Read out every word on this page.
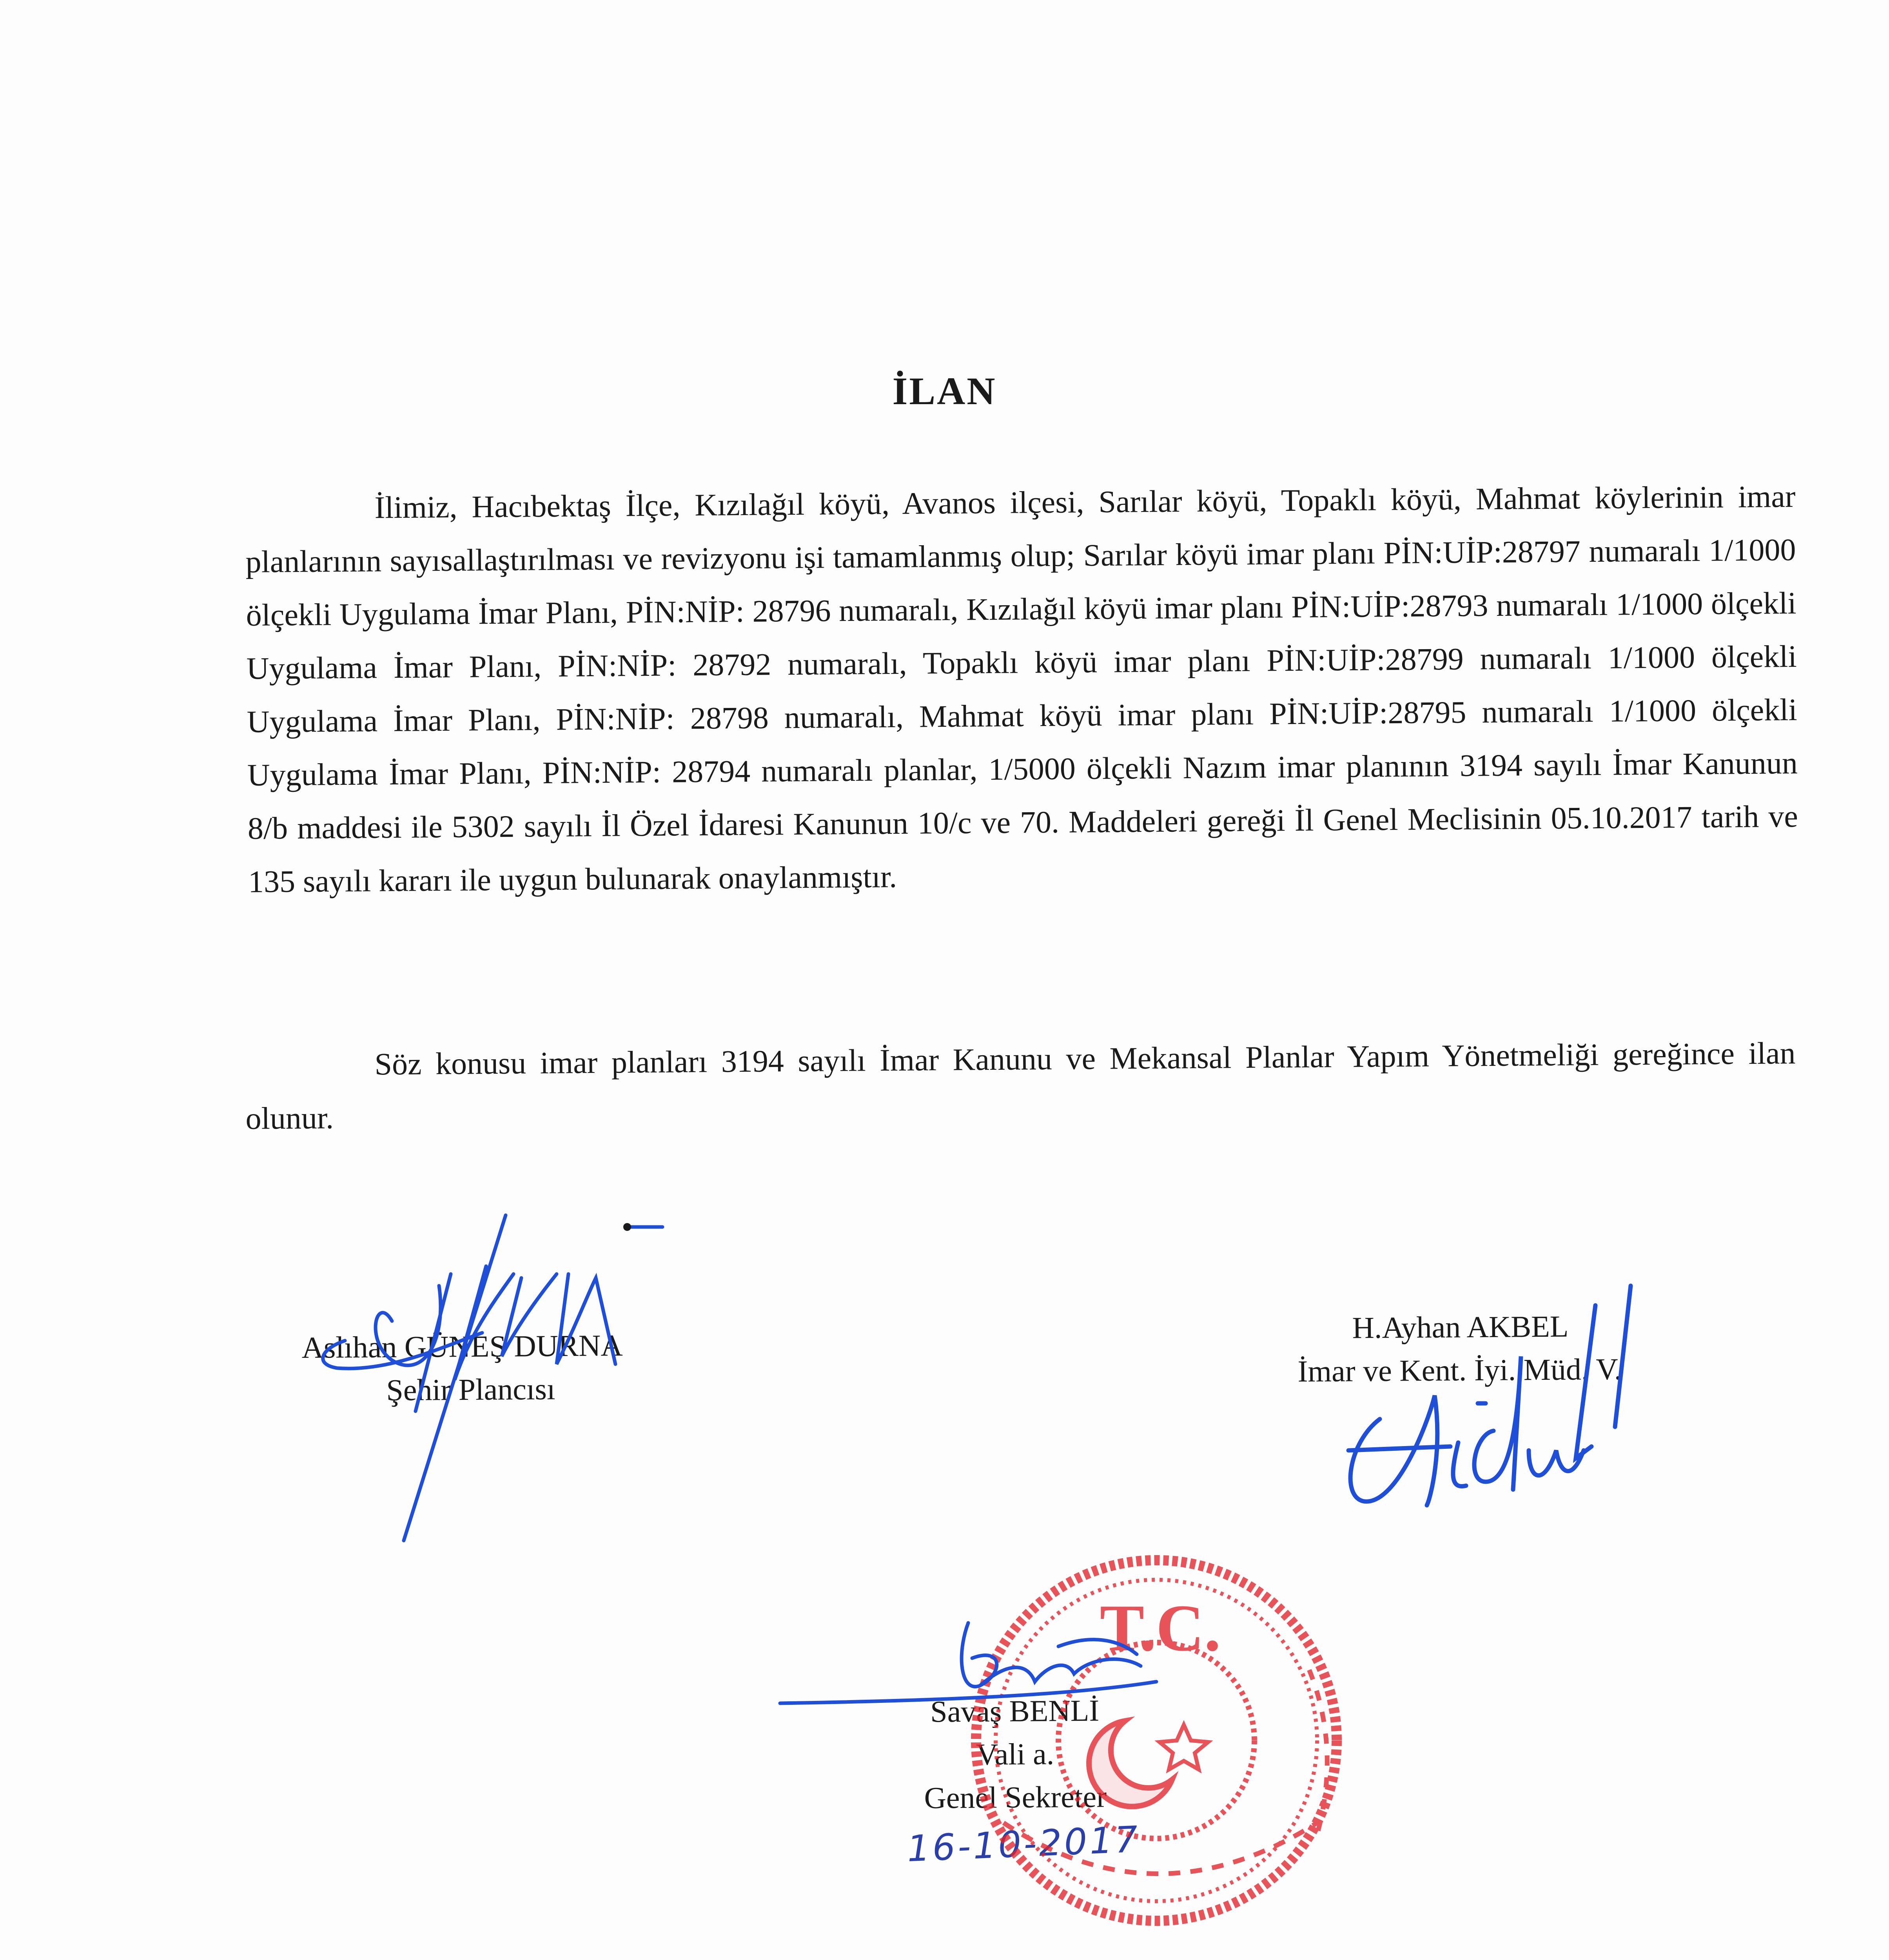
İLAN

İlimiz, Hacıbektaş İlçe, Kızılağıl köyü, Avanos ilçesi, Sarılar köyü, Topaklı köyü, Mahmat köylerinin imar planlarının sayısallaştırılması ve revizyonu işi tamamlanmış olup; Sarılar köyü imar planı PİN:UİP:28797 numaralı 1/1000 ölçekli Uygulama İmar Planı, PİN:NİP: 28796 numaralı, Kızılağıl köyü imar planı PİN:UİP:28793 numaralı 1/1000 ölçekli Uygulama İmar Planı, PİN:NİP: 28792 numaralı, Topaklı köyü imar planı PİN:UİP:28799 numaralı 1/1000 ölçekli Uygulama İmar Planı, PİN:NİP: 28798 numaralı, Mahmat köyü imar planı PİN:UİP:28795 numaralı 1/1000 ölçekli Uygulama İmar Planı, PİN:NİP: 28794 numaralı planlar, 1/5000 ölçekli Nazım imar planının 3194 sayılı İmar Kanunun 8/b maddesi ile 5302 sayılı İl Özel İdaresi Kanunun 10/c ve 70. Maddeleri gereği İl Genel Meclisinin 05.10.2017 tarih ve 135 sayılı kararı ile uygun bulunarak onaylanmıştır.

Söz konusu imar planları 3194 sayılı İmar Kanunu ve Mekansal Planlar Yapım Yönetmeliği gereğince ilan olunur.

Aslıhan GÜNEŞ DURNA
Şehir Plancısı
H.Ayhan AKBEL
İmar ve Kent. İyi. Müd. V.
Savaş BENLİ
Vali a.
Genel Sekreter
16-10-2017
T.C.
